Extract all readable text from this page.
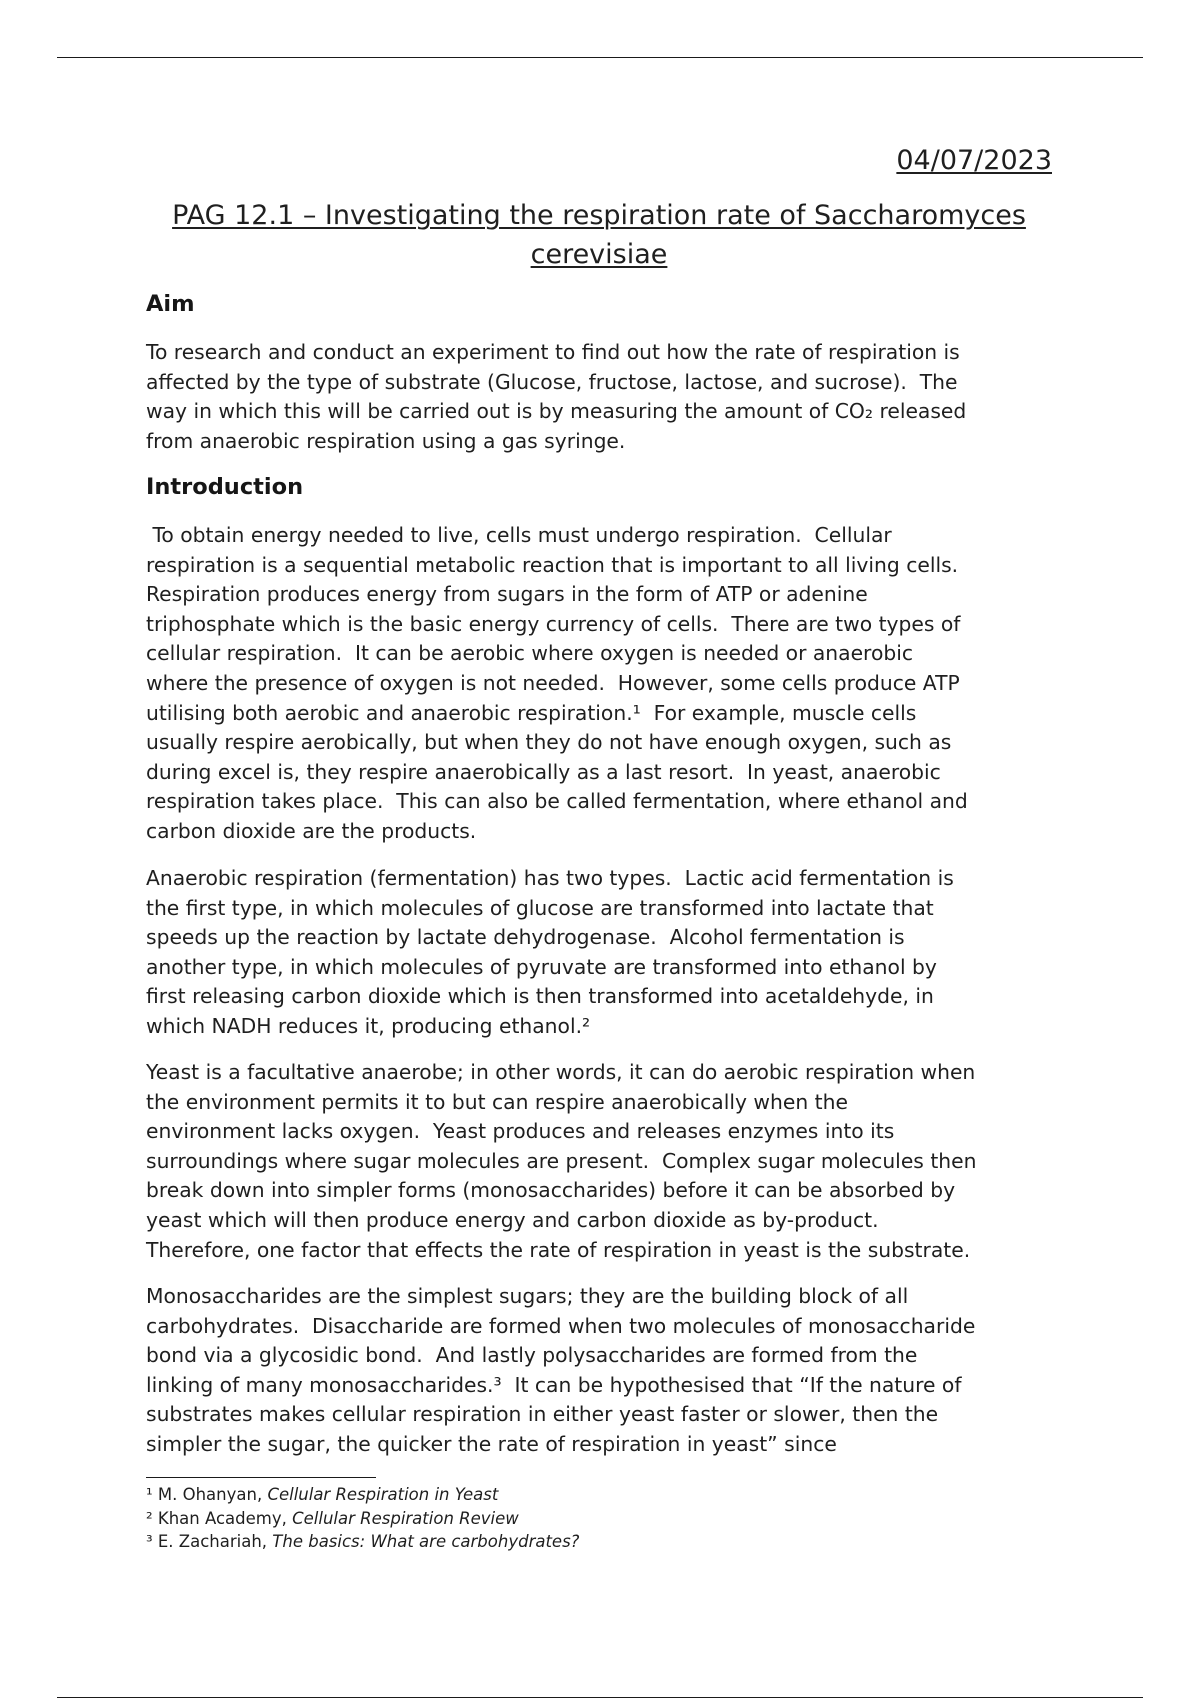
04/07/2023
PAG 12.1 – Investigating the respiration rate of Saccharomyces cerevisiae
Aim
To research and conduct an experiment to find out how the rate of respiration is
affected by the type of substrate (Glucose, fructose, lactose, and sucrose).  The
way in which this will be carried out is by measuring the amount of CO₂ released
from anaerobic respiration using a gas syringe.
Introduction
To obtain energy needed to live, cells must undergo respiration.  Cellular
respiration is a sequential metabolic reaction that is important to all living cells.
Respiration produces energy from sugars in the form of ATP or adenine
triphosphate which is the basic energy currency of cells.  There are two types of
cellular respiration.  It can be aerobic where oxygen is needed or anaerobic
where the presence of oxygen is not needed.  However, some cells produce ATP
utilising both aerobic and anaerobic respiration.¹  For example, muscle cells
usually respire aerobically, but when they do not have enough oxygen, such as
during excel is, they respire anaerobically as a last resort.  In yeast, anaerobic
respiration takes place.  This can also be called fermentation, where ethanol and
carbon dioxide are the products.
Anaerobic respiration (fermentation) has two types.  Lactic acid fermentation is
the first type, in which molecules of glucose are transformed into lactate that
speeds up the reaction by lactate dehydrogenase.  Alcohol fermentation is
another type, in which molecules of pyruvate are transformed into ethanol by
first releasing carbon dioxide which is then transformed into acetaldehyde, in
which NADH reduces it, producing ethanol.²
Yeast is a facultative anaerobe; in other words, it can do aerobic respiration when
the environment permits it to but can respire anaerobically when the
environment lacks oxygen.  Yeast produces and releases enzymes into its
surroundings where sugar molecules are present.  Complex sugar molecules then
break down into simpler forms (monosaccharides) before it can be absorbed by
yeast which will then produce energy and carbon dioxide as by-product.
Therefore, one factor that effects the rate of respiration in yeast is the substrate.
Monosaccharides are the simplest sugars; they are the building block of all
carbohydrates.  Disaccharide are formed when two molecules of monosaccharide
bond via a glycosidic bond.  And lastly polysaccharides are formed from the
linking of many monosaccharides.³  It can be hypothesised that “If the nature of
substrates makes cellular respiration in either yeast faster or slower, then the
simpler the sugar, the quicker the rate of respiration in yeast” since
¹ M. Ohanyan, Cellular Respiration in Yeast
² Khan Academy, Cellular Respiration Review
³ E. Zachariah, The basics: What are carbohydrates?
